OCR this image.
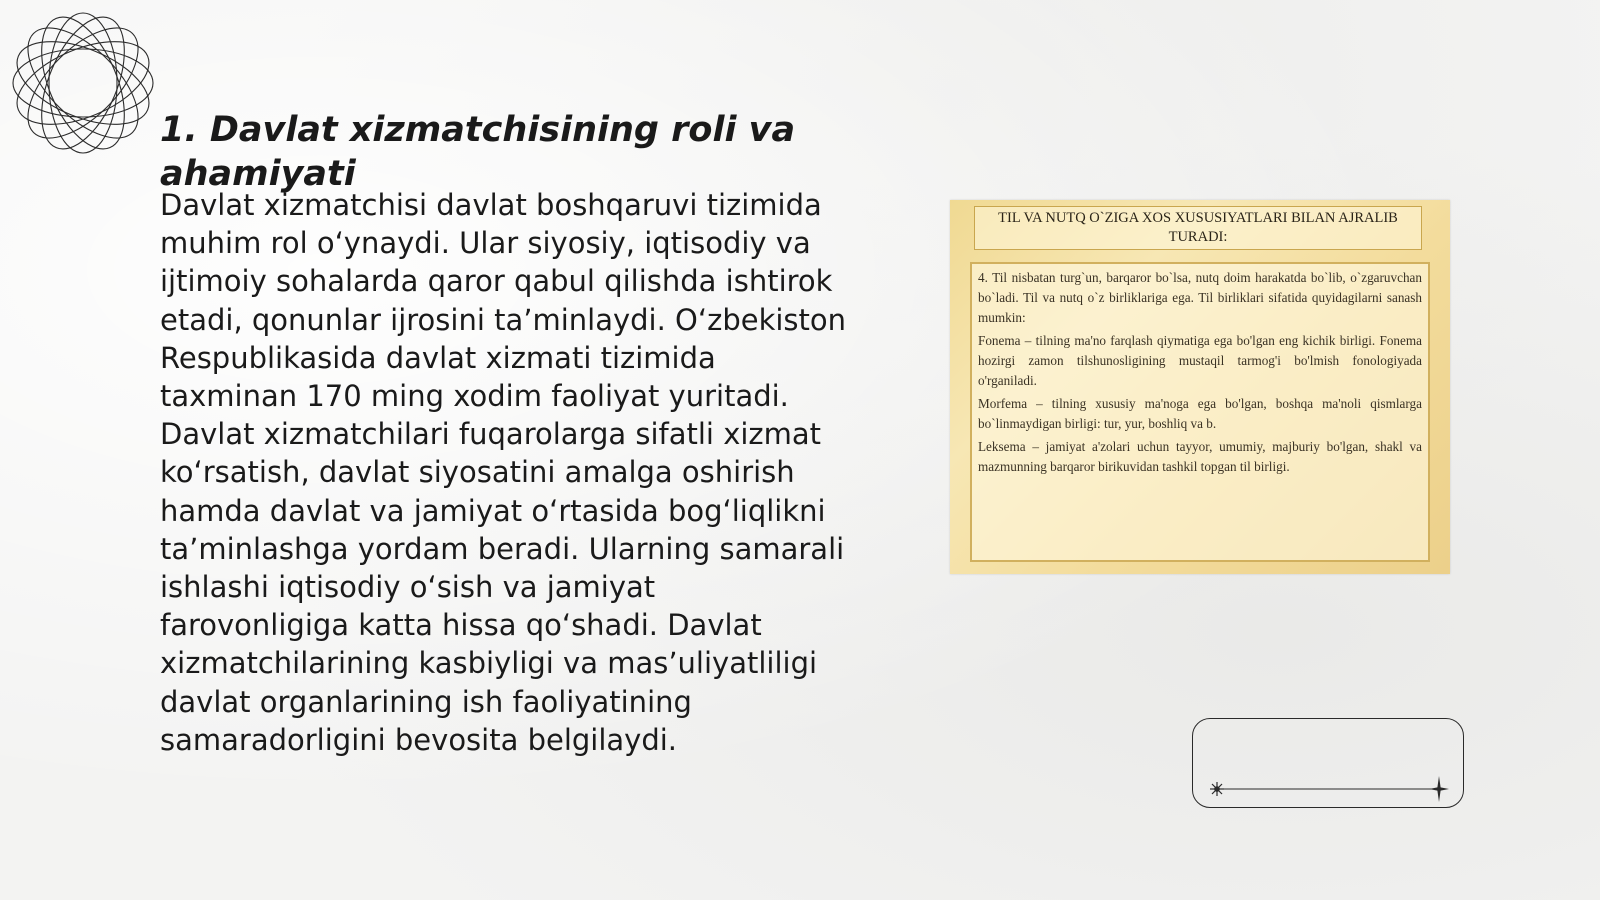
1. Davlat xizmatchisining roli va ahamiyati

Davlat xizmatchisi davlat boshqaruvi tizimida muhim rol oʻynaydi. Ular siyosiy, iqtisodiy va ijtimoiy sohalarda qaror qabul qilishda ishtirok etadi, qonunlar ijrosini taʼminlaydi. Oʻzbekiston Respublikasida davlat xizmati tizimida taxminan 170 ming xodim faoliyat yuritadi. Davlat xizmatchilari fuqarolarga sifatli xizmat koʻrsatish, davlat siyosatini amalga oshirish hamda davlat va jamiyat oʻrtasida bogʻliqlikni taʼminlashga yordam beradi. Ularning samarali ishlashi iqtisodiy oʻsish va jamiyat farovonligiga katta hissa qoʻshadi. Davlat xizmatchilarining kasbiyligi va masʼuliyatliligi davlat organlarining ish faoliyatining samaradorligini bevosita belgilaydi.

TIL VA NUTQ O`ZIGA XOS XUSUSIYATLARI BILAN AJRALIB TURADI:

4. Til nisbatan turg`un, barqaror bo`lsa, nutq doim harakatda bo`lib, o`zgaruvchan bo`ladi. Til va nutq o`z birliklariga ega. Til birliklari sifatida quyidagilarni sanash mumkin:

Fonema – tilning ma'no farqlash qiymatiga ega bo'lgan eng kichik birligi. Fonema hozirgi zamon tilshunosligining mustaqil tarmog'i bo'lmish fonologiyada o'rganiladi.

Morfema – tilning xususiy ma'noga ega bo'lgan, boshqa ma'noli qismlarga bo`linmaydigan birligi: tur, yur, boshliq va b.

Leksema – jamiyat a'zolari uchun tayyor, umumiy, majburiy bo'lgan, shakl va mazmunning barqaror birikuvidan tashkil topgan til birligi.
